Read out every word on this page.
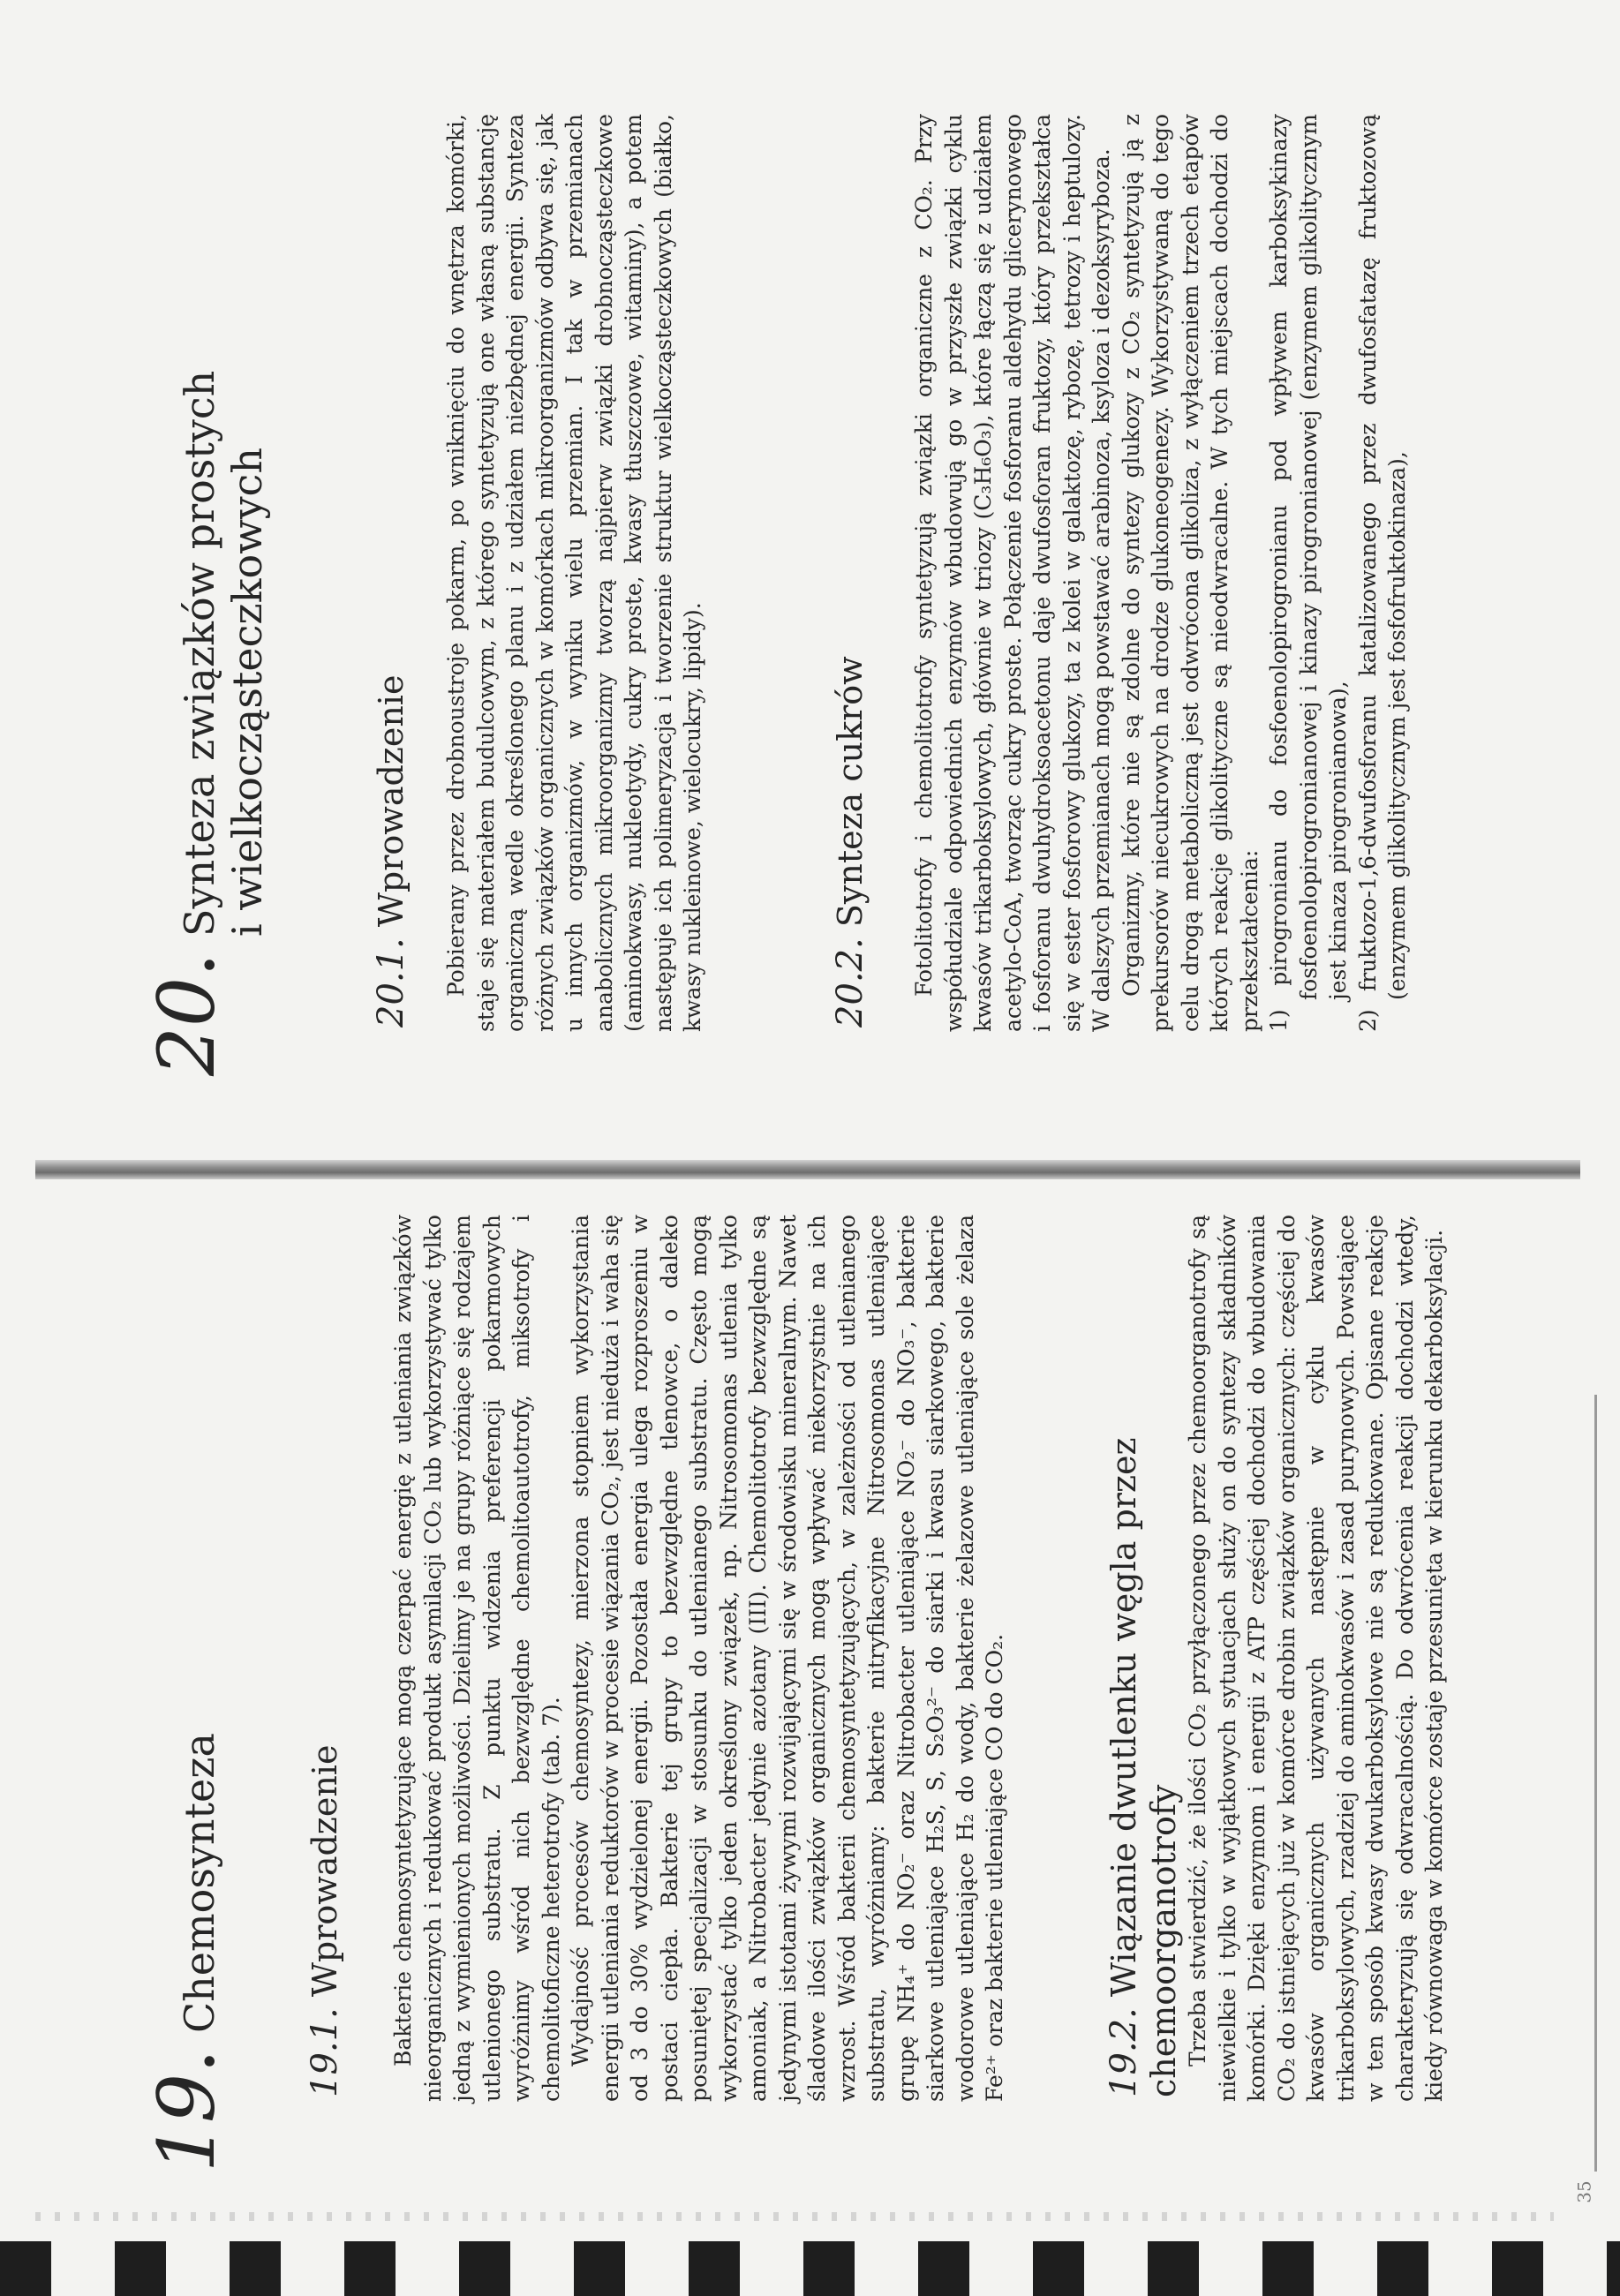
19
.
Chemosynteza
19.1. Wprowadzenie Bakterie chemosyntetyzujące mogą czerpać energię z utleniania związków nieorganicznych i redukować produkt asymilacji CO₂ lub wykorzystywać tylko jedną z wymienionych możliwości. Dzielimy je na grupy różniące się rodzajem utlenionego substratu. Z punktu widzenia preferencji pokarmowych wyróżnimy wśród nich bezwzględne chemolitoautotrofy, miksotrofy i chemolitoficzne heterotrofy (tab. 7). Wydajność procesów chemosyntezy, mierzona stopniem wykorzystania energii utleniania reduktorów w procesie wiązania CO₂, jest nieduża i waha się od 3 do 30% wydzielonej energii. Pozostała energia ulega rozproszeniu w postaci ciepła. Bakterie tej grupy to bezwzględne tlenowce, o daleko posuniętej specjalizacji w stosunku do utlenianego substratu. Często mogą wykorzystać tylko jeden określony związek, np. Nitrosomonas utlenia tylko amoniak, a Nitrobacter jedynie azotany (III). Chemolitotrofy bezwzględne są jedynymi istotami żywymi rozwijającymi się w środowisku mineralnym. Nawet śladowe ilości związków organicznych mogą wpływać niekorzystnie na ich wzrost. Wśród bakterii chemosyntetyzujących, w zależności od utlenianego substratu, wyróżniamy: bakterie nitryfikacyjne Nitrosomonas utleniające grupę NH₄⁺ do NO₂⁻ oraz Nitrobacter utleniające NO₂⁻ do NO₃⁻, bakterie siarkowe utleniające H₂S, S, S₂O₃²⁻ do siarki i kwasu siarkowego, bakterie wodorowe utleniające H₂ do wody, bakterie żelazowe utleniające sole żelaza Fe²⁺ oraz bakterie utleniające CO do CO₂.	19.2. Wiązanie dwutlenku węgla przez chemoorganotrofy Trzeba stwierdzić, że ilości CO₂ przyłączonego przez chemoorganotrofy są niewielkie i tylko w wyjątkowych sytuacjach służy on do syntezy składników komórki. Dzięki enzymom i energii z ATP częściej dochodzi do wbudowania CO₂ do istniejących już w komórce drobin związków organicznych: częściej do kwasów organicznych używanych następnie w cyklu kwasów trikarboksylowych, rzadziej do aminokwasów i zasad purynowych. Powstające w ten sposób kwasy dwukarboksylowe nie są redukowane. Opisane reakcje charakteryzują się odwracalnością. Do odwrócenia reakcji dochodzi wtedy, kiedy równowaga w komórce zostaje przesunięta w kierunku dekarboksylacji.

20
.
Synteza związków prostych
i wielkocząsteczkowych
20.1. Wprowadzenie Pobierany przez drobnoustroje pokarm, po wniknięciu do wnętrza komórki, staje się materiałem budulcowym, z którego syntetyzują one własną substancję organiczną wedle określonego planu i z udziałem niezbędnej energii. Synteza różnych związków organicznych w komórkach mikroorganizmów odbywa się, jak u innych organizmów, w wyniku wielu przemian. I tak w przemianach anabolicznych mikroorganizmy tworzą najpierw związki drobnocząsteczkowe (aminokwasy, nukleotydy, cukry proste, kwasy tłuszczowe, witaminy), a potem następuje ich polimeryzacja i tworzenie struktur wielkocząsteczkowych (białko, kwasy nukleinowe, wielocukry, lipidy).	20.2. Synteza cukrów Fotolitotrofy i chemolitotrofy syntetyzują związki organiczne z CO₂. Przy współudziale odpowiednich enzymów wbudowują go w przyszłe związki cyklu kwasów trikarboksylowych, głównie w triozy (C₃H₆O₃), które łączą się z udziałem acetylo-CoA, tworząc cukry proste. Połączenie fosforanu aldehydu glicerynowego i fosforanu dwuhydroksoacetonu daje dwufosforan fruktozy, który przekształca się w ester fosforowy glukozy, ta z kolei w galaktozę, rybozę, tetrozy i heptulozy. W dalszych przemianach mogą powstawać arabinoza, ksyloza i dezoksyryboza. Organizmy, które nie są zdolne do syntezy glukozy z CO₂ syntetyzują ją z prekursorów niecukrowych na drodze glukoneogenezy. Wykorzystywaną do tego celu drogą metaboliczną jest odwrócona glikoliza, z wyłączeniem trzech etapów których reakcje glikolityczne są nieodwracalne. W tych miejscach dochodzi do przekształcenia: 1) pirogronianu do fosfoenolopirogronianu pod wpływem karboksykinazy fosfoenolopirogronianowej i kinazy pirogronianowej (enzymem glikolitycznym jest kinaza pirogronianowa), 2) fruktozo-1,6-dwufosforanu katalizowanego przez dwufosfatazę fruktozową (enzymem glikolitycznym jest fosfofruktokinaza),
35
